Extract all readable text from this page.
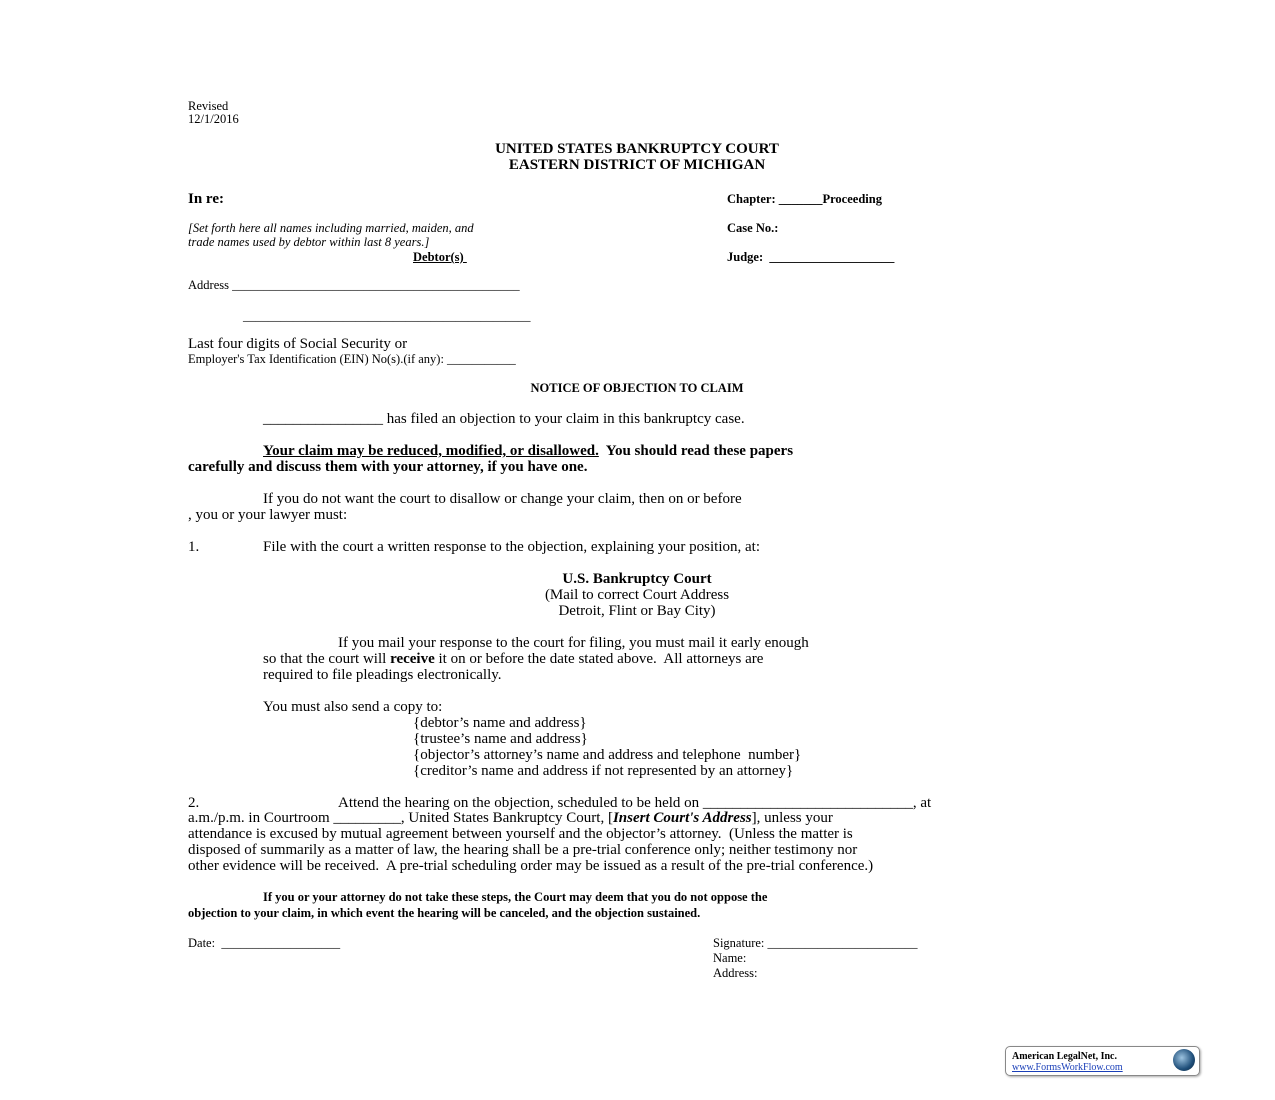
Revised
12/1/2016
UNITED STATES BANKRUPTCY COURT
EASTERN DISTRICT OF MICHIGAN
In re:	Chapter: _______Proceeding
[Set forth here all names including married, maiden, and
trade names used by debtor within last 8 years.]
Case No.:
Debtor(s)	Judge:  ____________________
Address ______________________________________________
______________________________________________
Last four digits of Social Security or
Employer's Tax Identification (EIN) No(s).(if any): ___________
NOTICE OF OBJECTION TO CLAIM
________________ has filed an objection to your claim in this bankruptcy case.
Your claim may be reduced, modified, or disallowed.  You should read these papers
carefully and discuss them with your attorney, if you have one.
If you do not want the court to disallow or change your claim, then on or before
, you or your lawyer must:
1.	File with the court a written response to the objection, explaining your position, at:
U.S. Bankruptcy Court
(Mail to correct Court Address
Detroit, Flint or Bay City)
If you mail your response to the court for filing, you must mail it early enough
so that the court will receive it on or before the date stated above.  All attorneys are
required to file pleadings electronically.
You must also send a copy to:
{debtor’s name and address}
{trustee’s name and address}
{objector’s attorney’s name and address and telephone  number}
{creditor’s name and address if not represented by an attorney}
2.	Attend the hearing on the objection, scheduled to be held on ____________________________, at
a.m./p.m. in Courtroom _________, United States Bankruptcy Court, [Insert Court's Address], unless your
attendance is excused by mutual agreement between yourself and the objector’s attorney.  (Unless the matter is
disposed of summarily as a matter of law, the hearing shall be a pre-trial conference only; neither testimony nor
other evidence will be received.  A pre-trial scheduling order may be issued as a result of the pre-trial conference.)
If you or your attorney do not take these steps, the Court may deem that you do not oppose the
objection to your claim, in which event the hearing will be canceled, and the objection sustained.
Date:  ___________________	Signature: ________________________
Name:
Address:
American LegalNet, Inc.
www.FormsWorkFlow.com
